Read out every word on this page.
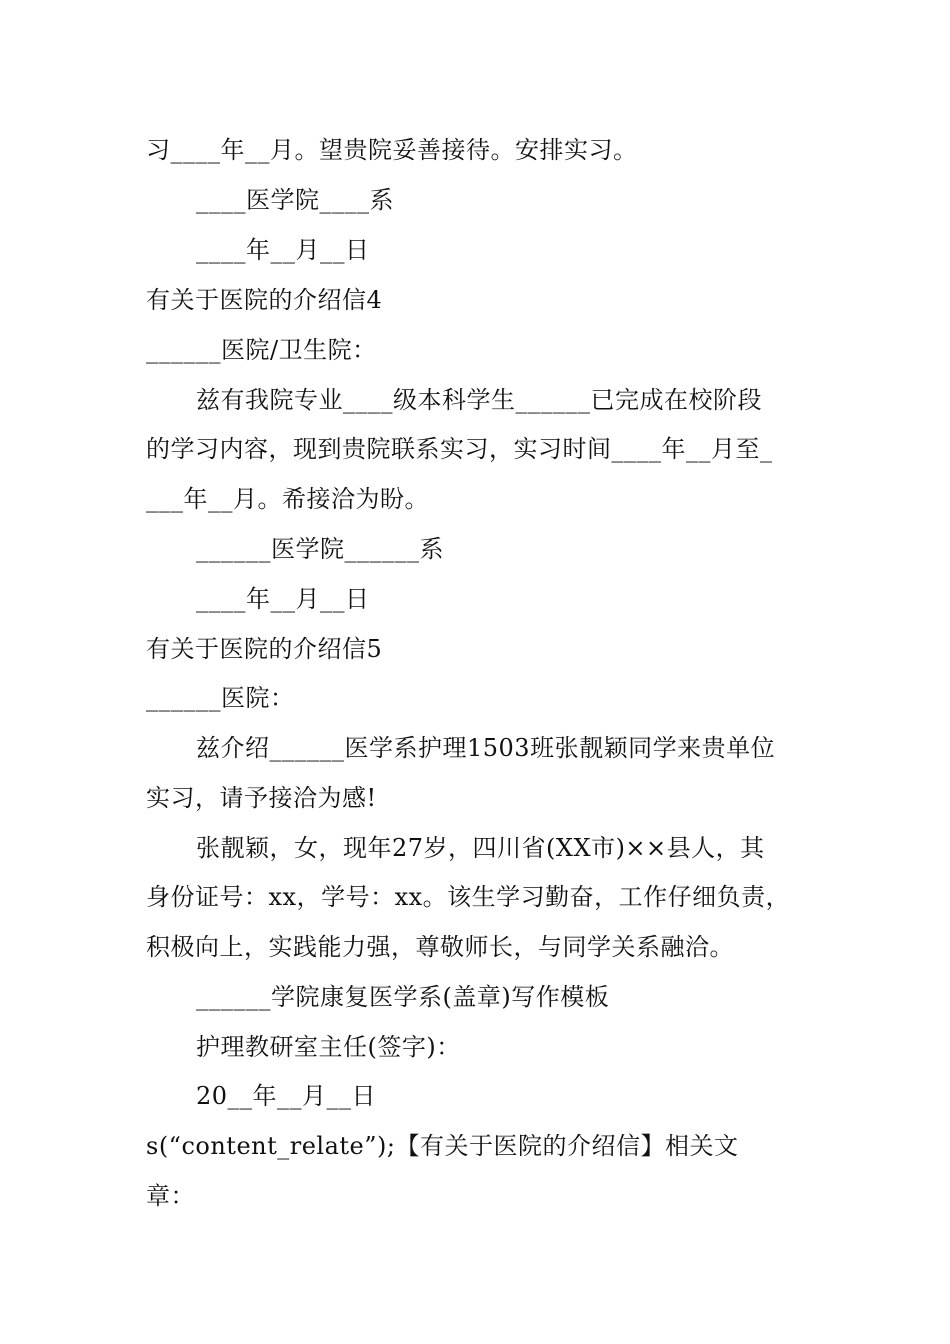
习____年__月。望贵院妥善接待。安排实习。
____医学院____系
____年__月__日
有关于医院的介绍信4
______医院/卫生院：
兹有我院专业____级本科学生______已完成在校阶段
的学习内容，现到贵院联系实习，实习时间____年__月至_
___年__月。希接洽为盼。
______医学院______系
____年__月__日
有关于医院的介绍信5
______医院：
兹介绍______医学系护理1503班张靓颖同学来贵单位
实习，请予接洽为感!
张靓颖，女，现年27岁，四川省(XX市)××县人，其
身份证号：xx，学号：xx。该生学习勤奋，工作仔细负责，
积极向上，实践能力强，尊敬师长，与同学关系融洽。
______学院康复医学系(盖章)写作模板
护理教研室主任(签字)：
20__年__月__日
s(“content_relate”);【有关于医院的介绍信】相关文
章：
